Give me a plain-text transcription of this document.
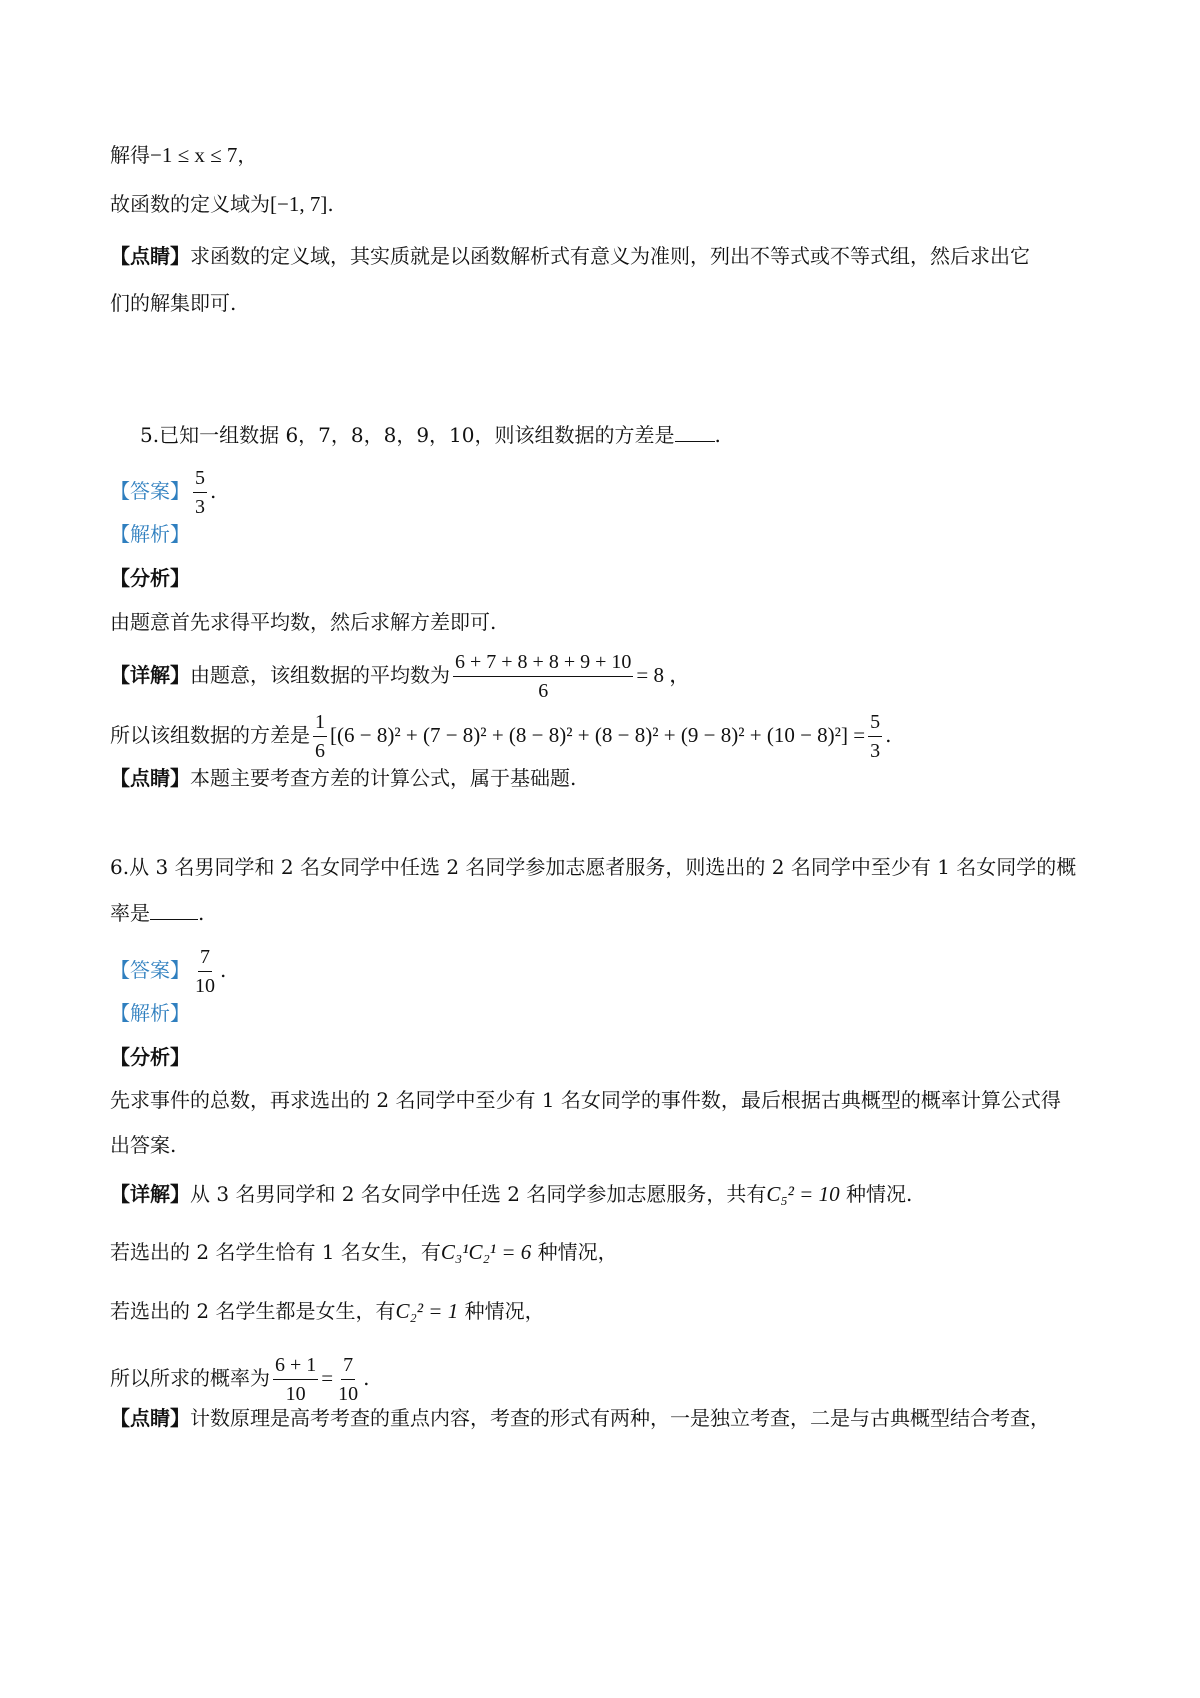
解得−1 ≤ x ≤ 7，
故函数的定义域为[−1, 7].
【点睛】求函数的定义域，其实质就是以函数解析式有意义为准则，列出不等式或不等式组，然后求出它
们的解集即可.
5.已知一组数据 6，7，8，8，9，10，则该组数据的方差是 .
【答案】 $\frac{5}{3}$ .
【解析】
【分析】
由题意首先求得平均数，然后求解方差即可.
【详解】由题意，该组数据的平均数为 $\frac{6 + 7 + 8 + 8 + 9 + 10}{6} = 8$ ，
所以该组数据的方差是 $\frac{1}{6} [(6 - 8)^2 + (7 - 8)^2 + (8 - 8)^2 + (8 - 8)^2 + (9 - 8)^2 + (10 - 8)^2] = \frac{5}{3}$ .
【点睛】本题主要考查方差的计算公式，属于基础题.
6.从 3 名男同学和 2 名女同学中任选 2 名同学参加志愿者服务，则选出的 2 名同学中至少有 1 名女同学的概
率是 .
【答案】 $\frac{7}{10}$ .
【解析】
【分析】
先求事件的总数，再求选出的 2 名同学中至少有 1 名女同学的事件数，最后根据古典概型的概率计算公式得
出答案.
【详解】从 3 名男同学和 2 名女同学中任选 2 名同学参加志愿服务，共有C₅² = 10 种情况.
若选出的 2 名学生恰有 1 名女生，有C₃¹C₂¹ = 6 种情况，
若选出的 2 名学生都是女生，有C₂² = 1 种情况，
所以所求的概率为 $\frac{6 + 1}{10} = \frac{7}{10}$ .
【点睛】计数原理是高考考查的重点内容，考查的形式有两种，一是独立考查，二是与古典概型结合考查，
